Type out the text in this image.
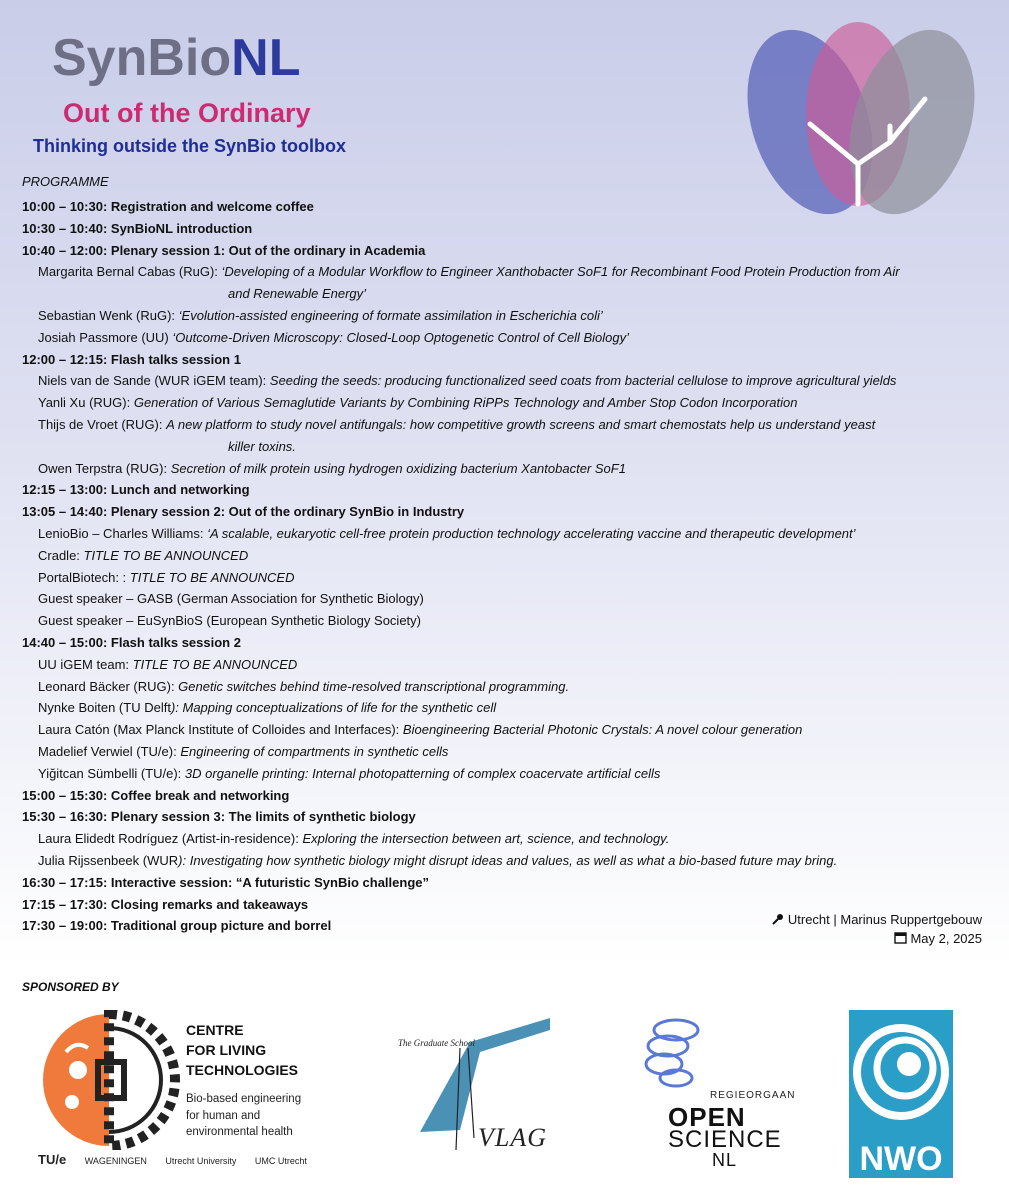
SynBioNL
Out of the Ordinary
Thinking outside the SynBio toolbox
PROGRAMME
10:00 – 10:30: Registration and welcome coffee
10:30 – 10:40: SynBioNL introduction
10:40 – 12:00: Plenary session 1: Out of the ordinary in Academia
Margarita Bernal Cabas (RuG): ‘Developing of a Modular Workflow to Engineer Xanthobacter SoF1 for Recombinant Food Protein Production from Air
and Renewable Energy’
Sebastian Wenk (RuG): ‘Evolution-assisted engineering of formate assimilation in Escherichia coli’
Josiah Passmore (UU) ‘Outcome-Driven Microscopy: Closed-Loop Optogenetic Control of Cell Biology’
12:00 – 12:15: Flash talks session 1
Niels van de Sande (WUR iGEM team): Seeding the seeds: producing functionalized seed coats from bacterial cellulose to improve agricultural yields
Yanli Xu (RUG): Generation of Various Semaglutide Variants by Combining RiPPs Technology and Amber Stop Codon Incorporation
Thijs de Vroet (RUG): A new platform to study novel antifungals: how competitive growth screens and smart chemostats help us understand yeast
killer toxins.
Owen Terpstra (RUG): Secretion of milk protein using hydrogen oxidizing bacterium Xantobacter SoF1
12:15 – 13:00: Lunch and networking
13:05 – 14:40: Plenary session 2: Out of the ordinary SynBio in Industry
LenioBio – Charles Williams: ‘A scalable, eukaryotic cell-free protein production technology accelerating vaccine and therapeutic development’
Cradle: TITLE TO BE ANNOUNCED
PortalBiotech: : TITLE TO BE ANNOUNCED
Guest speaker – GASB (German Association for Synthetic Biology)
Guest speaker – EuSynBioS (European Synthetic Biology Society)
14:40 – 15:00: Flash talks session 2
UU iGEM team: TITLE TO BE ANNOUNCED
Leonard Bäcker (RUG): Genetic switches behind time-resolved transcriptional programming.
Nynke Boiten (TU Delft): Mapping conceptualizations of life for the synthetic cell
Laura Catón (Max Planck Institute of Colloides and Interfaces): Bioengineering Bacterial Photonic Crystals: A novel colour generation
Madelief Verwiel (TU/e): Engineering of compartments in synthetic cells
Yiğitcan Sümbelli (TU/e): 3D organelle printing: Internal photopatterning of complex coacervate artificial cells
15:00 – 15:30: Coffee break and networking
15:30 – 16:30: Plenary session 3: The limits of synthetic biology
Laura Elidedt Rodríguez (Artist-in-residence): Exploring the intersection between art, science, and technology.
Julia Rijssenbeek (WUR): Investigating how synthetic biology might disrupt ideas and values, as well as what a bio-based future may bring.
16:30 – 17:15: Interactive session: “A futuristic SynBio challenge”
17:15 – 17:30: Closing remarks and takeaways
17:30 – 19:00: Traditional group picture and borrel	Utrecht | Marinus Ruppertgebouw
May 2, 2025
SPONSORED BY
CENTRE
FOR LIVING
TECHNOLOGIES
Bio-based engineering
for human and
environmental health
TU/e WAGENINGEN Utrecht University UMC Utrecht
The Graduate School
VLAG
REGIEORGAAN
OPEN
SCIENCE
NL	NWO
